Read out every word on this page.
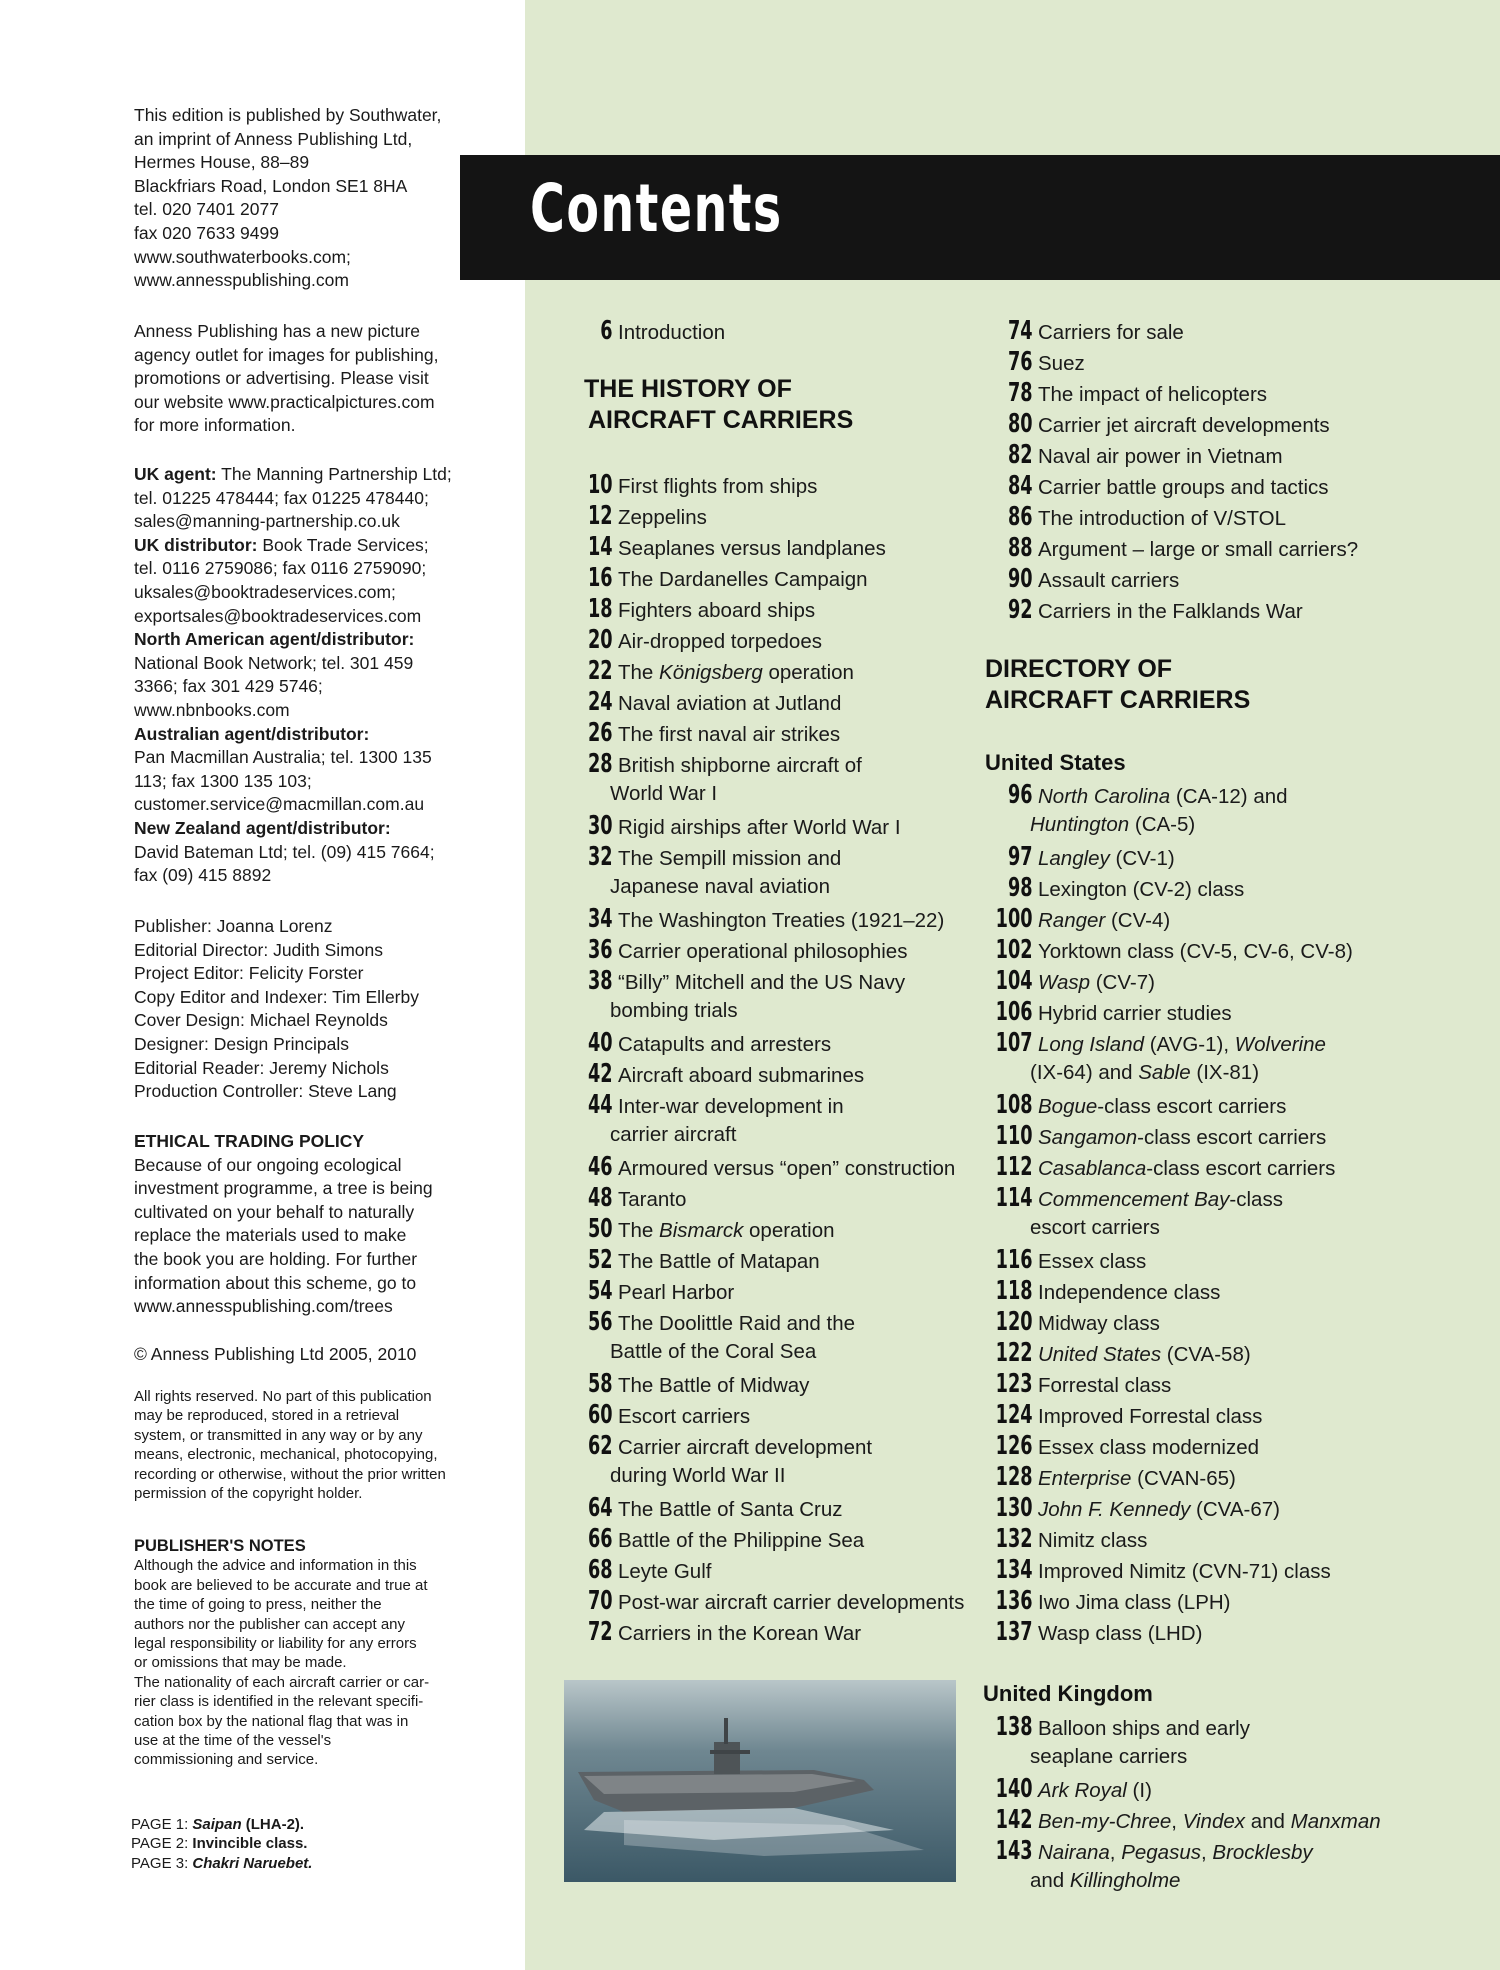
Contents

This edition is published by Southwater,

an imprint of Anness Publishing Ltd,

Hermes House, 88–89

Blackfriars Road, London SE1 8HA

tel. 020 7401 2077

fax 020 7633 9499

www.southwaterbooks.com;

www.annesspublishing.com

Anness Publishing has a new picture

agency outlet for images for publishing,

promotions or advertising. Please visit

our website www.practicalpictures.com

for more information.

UK agent: The Manning Partnership Ltd;

tel. 01225 478444; fax 01225 478440;

sales@manning-partnership.co.uk

UK distributor: Book Trade Services;

tel. 0116 2759086; fax 0116 2759090;

uksales@booktradeservices.com;

exportsales@booktradeservices.com

North American agent/distributor:

National Book Network; tel. 301 459

3366; fax 301 429 5746;

www.nbnbooks.com

Australian agent/distributor:

Pan Macmillan Australia; tel. 1300 135

113; fax 1300 135 103;

customer.service@macmillan.com.au

New Zealand agent/distributor:

David Bateman Ltd; tel. (09) 415 7664;

fax (09) 415 8892

Publisher: Joanna Lorenz

Editorial Director: Judith Simons

Project Editor: Felicity Forster

Copy Editor and Indexer: Tim Ellerby

Cover Design: Michael Reynolds

Designer: Design Principals

Editorial Reader: Jeremy Nichols

Production Controller: Steve Lang

ETHICAL TRADING POLICY

Because of our ongoing ecological

investment programme, a tree is being

cultivated on your behalf to naturally

replace the materials used to make

the book you are holding. For further

information about this scheme, go to

www.annesspublishing.com/trees

© Anness Publishing Ltd 2005, 2010

All rights reserved. No part of this publication

may be reproduced, stored in a retrieval

system, or transmitted in any way or by any

means, electronic, mechanical, photocopying,

recording or otherwise, without the prior written

permission of the copyright holder.

PUBLISHER'S NOTES

Although the advice and information in this

book are believed to be accurate and true at

the time of going to press, neither the

authors nor the publisher can accept any

legal responsibility or liability for any errors

or omissions that may be made.

The nationality of each aircraft carrier or car-

rier class is identified in the relevant specifi-

cation box by the national flag that was in

use at the time of the vessel's

commissioning and service.

PAGE 1: Saipan (LHA-2).

PAGE 2: Invincible class.

PAGE 3: Chakri Naruebet.

THE HISTORY OF
AIRCRAFT CARRIERS
DIRECTORY OF
AIRCRAFT CARRIERS
United States
United Kingdom
6 Introduction
10 First flights from ships
12 Zeppelins
14 Seaplanes versus landplanes
16 The Dardanelles Campaign
18 Fighters aboard ships
20 Air-dropped torpedoes
22 The Königsberg operation
24 Naval aviation at Jutland
26 The first naval air strikes
28 British shipborne aircraft of
World War I
30 Rigid airships after World War I
32 The Sempill mission and
Japanese naval aviation
34 The Washington Treaties (1921–22)
36 Carrier operational philosophies
38 “Billy” Mitchell and the US Navy
bombing trials
40 Catapults and arresters
42 Aircraft aboard submarines
44 Inter-war development in
carrier aircraft
46 Armoured versus “open” construction
48 Taranto
50 The Bismarck operation
52 The Battle of Matapan
54 Pearl Harbor
56 The Doolittle Raid and the
Battle of the Coral Sea
58 The Battle of Midway
60 Escort carriers
62 Carrier aircraft development
during World War II
64 The Battle of Santa Cruz
66 Battle of the Philippine Sea
68 Leyte Gulf
70 Post-war aircraft carrier developments
72 Carriers in the Korean War
74 Carriers for sale
76 Suez
78 The impact of helicopters
80 Carrier jet aircraft developments
82 Naval air power in Vietnam
84 Carrier battle groups and tactics
86 The introduction of V/STOL
88 Argument – large or small carriers?
90 Assault carriers
92 Carriers in the Falklands War
96 North Carolina (CA-12) and
Huntington (CA-5)
97 Langley (CV-1)
98 Lexington (CV-2) class
100 Ranger (CV-4)
102 Yorktown class (CV-5, CV-6, CV-8)
104 Wasp (CV-7)
106 Hybrid carrier studies
107 Long Island (AVG-1), Wolverine
(IX-64) and Sable (IX-81)
108 Bogue-class escort carriers
110 Sangamon-class escort carriers
112 Casablanca-class escort carriers
114 Commencement Bay-class
escort carriers
116 Essex class
118 Independence class
120 Midway class
122 United States (CVA-58)
123 Forrestal class
124 Improved Forrestal class
126 Essex class modernized
128 Enterprise (CVAN-65)
130 John F. Kennedy (CVA-67)
132 Nimitz class
134 Improved Nimitz (CVN-71) class
136 Iwo Jima class (LPH)
137 Wasp class (LHD)
138 Balloon ships and early
seaplane carriers
140 Ark Royal (I)
142 Ben-my-Chree, Vindex and Manxman
143 Nairana, Pegasus, Brocklesby
and Killingholme
